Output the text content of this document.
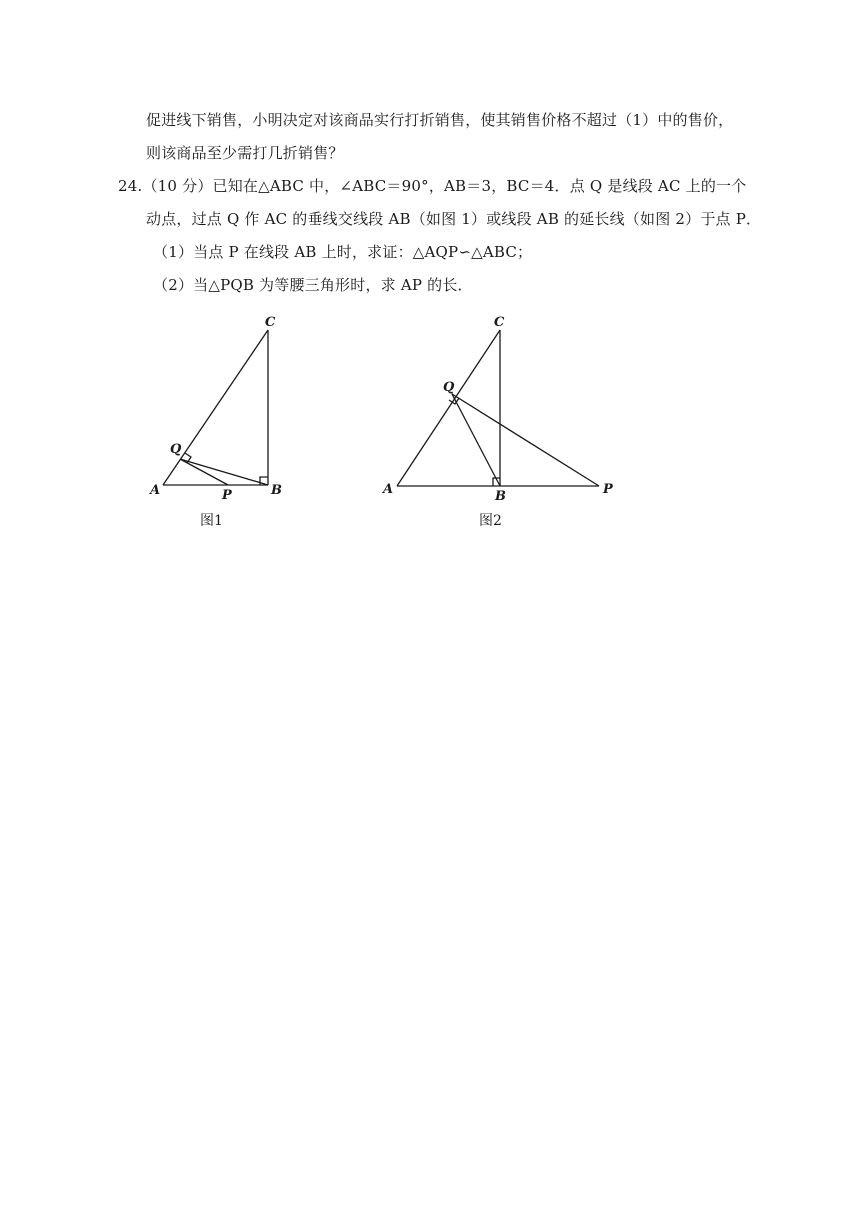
促进线下销售，小明决定对该商品实行打折销售，使其销售价格不超过（1）中的售价，
则该商品至少需打几折销售？
24.（10 分）已知在△ABC 中，∠ABC＝90°，AB＝3，BC＝4．点 Q 是线段 AC 上的一个
动点，过点 Q 作 AC 的垂线交线段 AB（如图 1）或线段 AB 的延长线（如图 2）于点 P．
（1）当点 P 在线段 AB 上时，求证：△AQP∽△ABC；
（2）当△PQB 为等腰三角形时，求 AP 的长．
C
Q
A	P	B
图1
C
Q
A	B	P
图2
